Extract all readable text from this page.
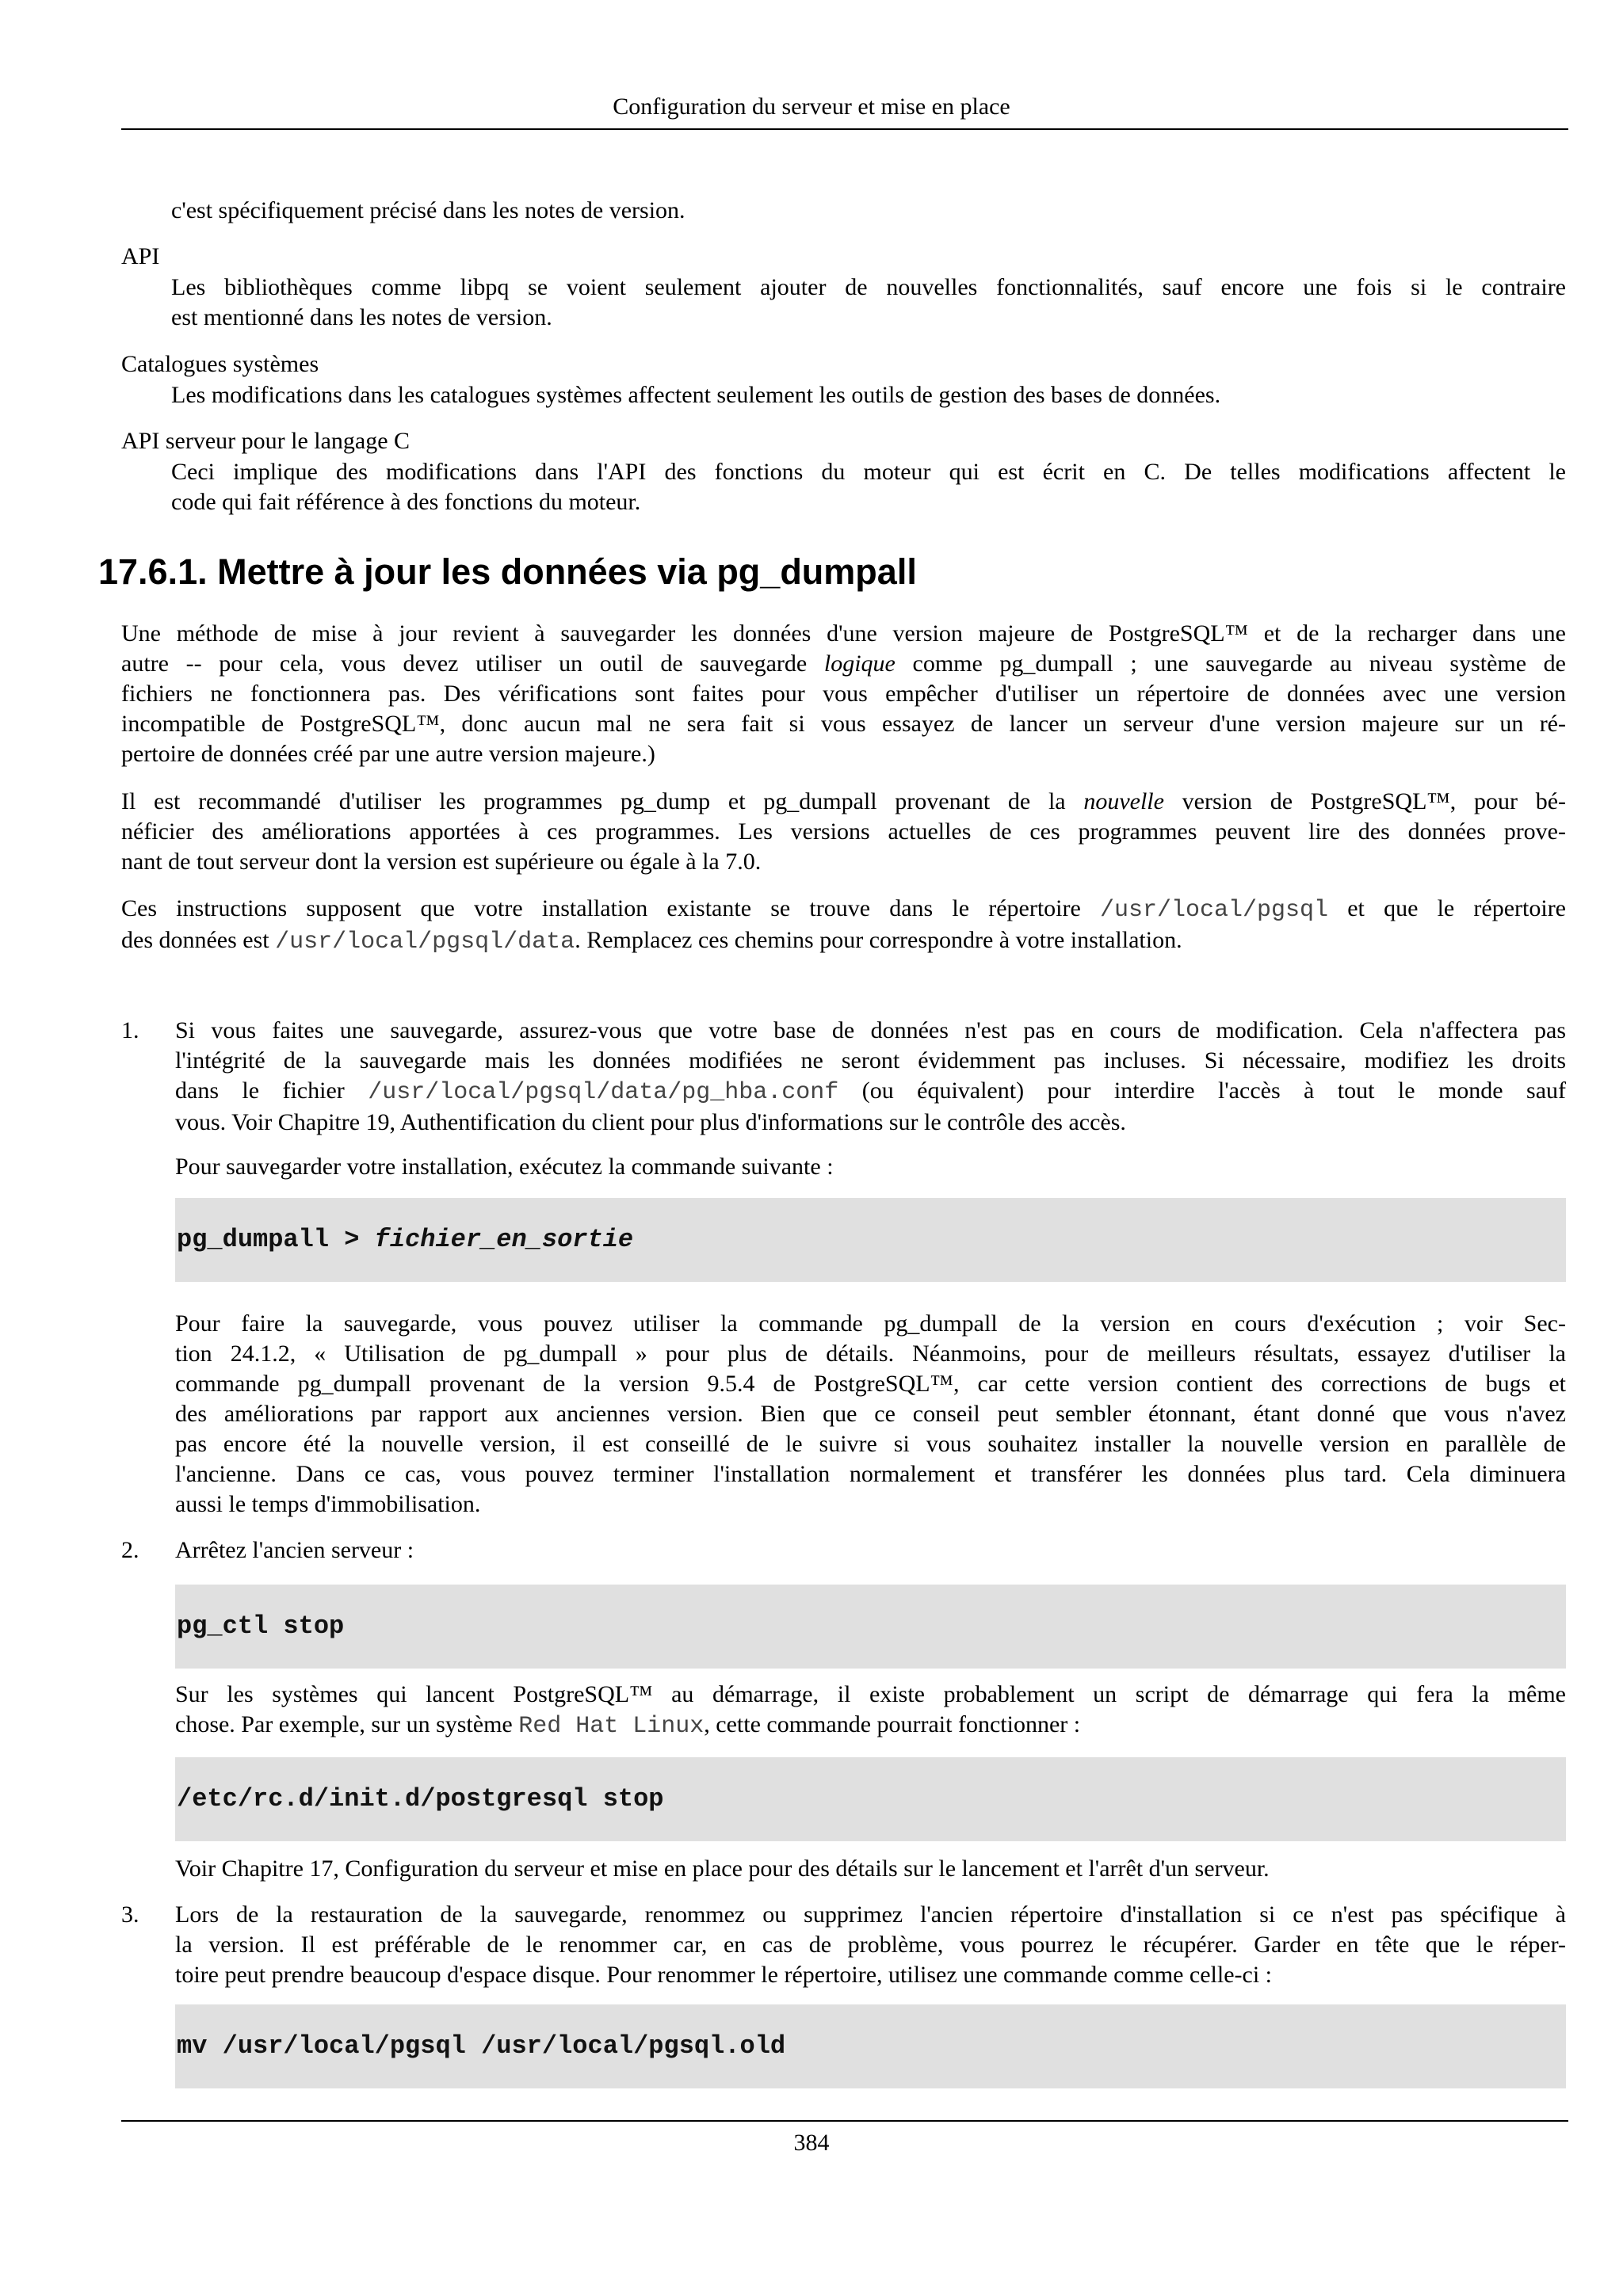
Configuration du serveur et mise en place
c'est spécifiquement précisé dans les notes de version.
API
Les bibliothèques comme libpq se voient seulement ajouter de nouvelles fonctionnalités, sauf encore une fois si le contraire
est mentionné dans les notes de version.
Catalogues systèmes
Les modifications dans les catalogues systèmes affectent seulement les outils de gestion des bases de données.
API serveur pour le langage C
Ceci implique des modifications dans l'API des fonctions du moteur qui est écrit en C. De telles modifications affectent le
code qui fait référence à des fonctions du moteur.
17.6.1. Mettre à jour les données via pg_dumpall
Une méthode de mise à jour revient à sauvegarder les données d'une version majeure de PostgreSQL™ et de la recharger dans une
autre -- pour cela, vous devez utiliser un outil de sauvegarde logique comme pg_dumpall ; une sauvegarde au niveau système de
fichiers ne fonctionnera pas. Des vérifications sont faites pour vous empêcher d'utiliser un répertoire de données avec une version
incompatible de PostgreSQL™, donc aucun mal ne sera fait si vous essayez de lancer un serveur d'une version majeure sur un ré-
pertoire de données créé par une autre version majeure.)
Il est recommandé d'utiliser les programmes pg_dump et pg_dumpall provenant de la nouvelle version de PostgreSQL™, pour bé-
néficier des améliorations apportées à ces programmes. Les versions actuelles de ces programmes peuvent lire des données prove-
nant de tout serveur dont la version est supérieure ou égale à la 7.0.
Ces instructions supposent que votre installation existante se trouve dans le répertoire /usr/local/pgsql et que le répertoire
des données est /usr/local/pgsql/data. Remplacez ces chemins pour correspondre à votre installation.
1. Si vous faites une sauvegarde, assurez-vous que votre base de données n'est pas en cours de modification. Cela n'affectera pas
l'intégrité de la sauvegarde mais les données modifiées ne seront évidemment pas incluses. Si nécessaire, modifiez les droits
dans le fichier /usr/local/pgsql/data/pg_hba.conf (ou équivalent) pour interdire l'accès à tout le monde sauf
vous. Voir Chapitre 19, Authentification du client pour plus d'informations sur le contrôle des accès.
Pour sauvegarder votre installation, exécutez la commande suivante :
pg_dumpall > fichier_en_sortie
Pour faire la sauvegarde, vous pouvez utiliser la commande pg_dumpall de la version en cours d'exécution ; voir Sec-
tion 24.1.2, « Utilisation de pg_dumpall » pour plus de détails. Néanmoins, pour de meilleurs résultats, essayez d'utiliser la
commande pg_dumpall provenant de la version 9.5.4 de PostgreSQL™, car cette version contient des corrections de bugs et
des améliorations par rapport aux anciennes version. Bien que ce conseil peut sembler étonnant, étant donné que vous n'avez
pas encore été la nouvelle version, il est conseillé de le suivre si vous souhaitez installer la nouvelle version en parallèle de
l'ancienne. Dans ce cas, vous pouvez terminer l'installation normalement et transférer les données plus tard. Cela diminuera
aussi le temps d'immobilisation.
2. Arrêtez l'ancien serveur :
pg_ctl stop
Sur les systèmes qui lancent PostgreSQL™ au démarrage, il existe probablement un script de démarrage qui fera la même
chose. Par exemple, sur un système Red Hat Linux, cette commande pourrait fonctionner :
/etc/rc.d/init.d/postgresql stop
Voir Chapitre 17, Configuration du serveur et mise en place pour des détails sur le lancement et l'arrêt d'un serveur.
3. Lors de la restauration de la sauvegarde, renommez ou supprimez l'ancien répertoire d'installation si ce n'est pas spécifique à
la version. Il est préférable de le renommer car, en cas de problème, vous pourrez le récupérer. Garder en tête que le réper-
toire peut prendre beaucoup d'espace disque. Pour renommer le répertoire, utilisez une commande comme celle-ci :
mv /usr/local/pgsql /usr/local/pgsql.old
384
